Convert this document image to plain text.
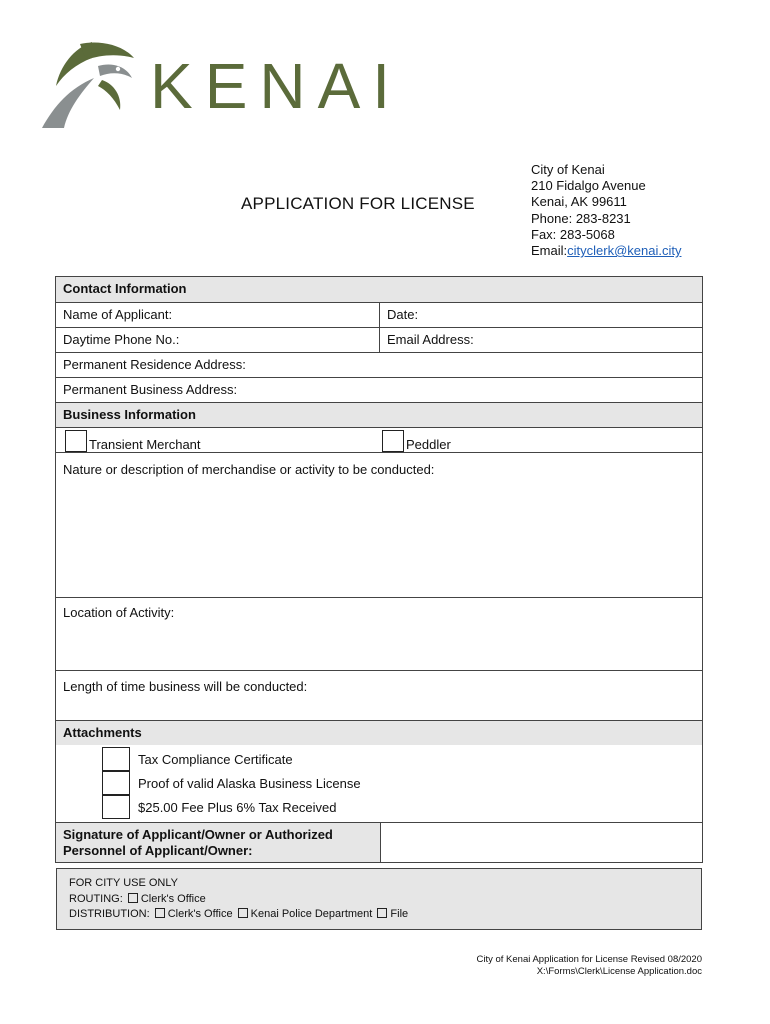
KENAI
APPLICATION FOR LICENSE
City of Kenai
210 Fidalgo Avenue
Kenai, AK 99611
Phone: 283-8231
Fax: 283-5068
Email:cityclerk@kenai.city
Contact Information
Name of Applicant:	Date:
Daytime Phone No.:	Email Address:
Permanent Residence Address:
Permanent Business Address:
Business Information
Transient Merchant	Peddler
Nature or description of merchandise or activity to be conducted:
Location of Activity:
Length of time business will be conducted:
Attachments
Tax Compliance Certificate
Proof of valid Alaska Business License
$25.00 Fee Plus 6% Tax Received
Signature of Applicant/Owner or Authorized
Personnel of Applicant/Owner:
FOR CITY USE ONLY
ROUTING: Clerk's Office
DISTRIBUTION: Clerk's Office Kenai Police Department File
City of Kenai Application for License Revised 08/2020
X:\Forms\Clerk\License Application.doc
